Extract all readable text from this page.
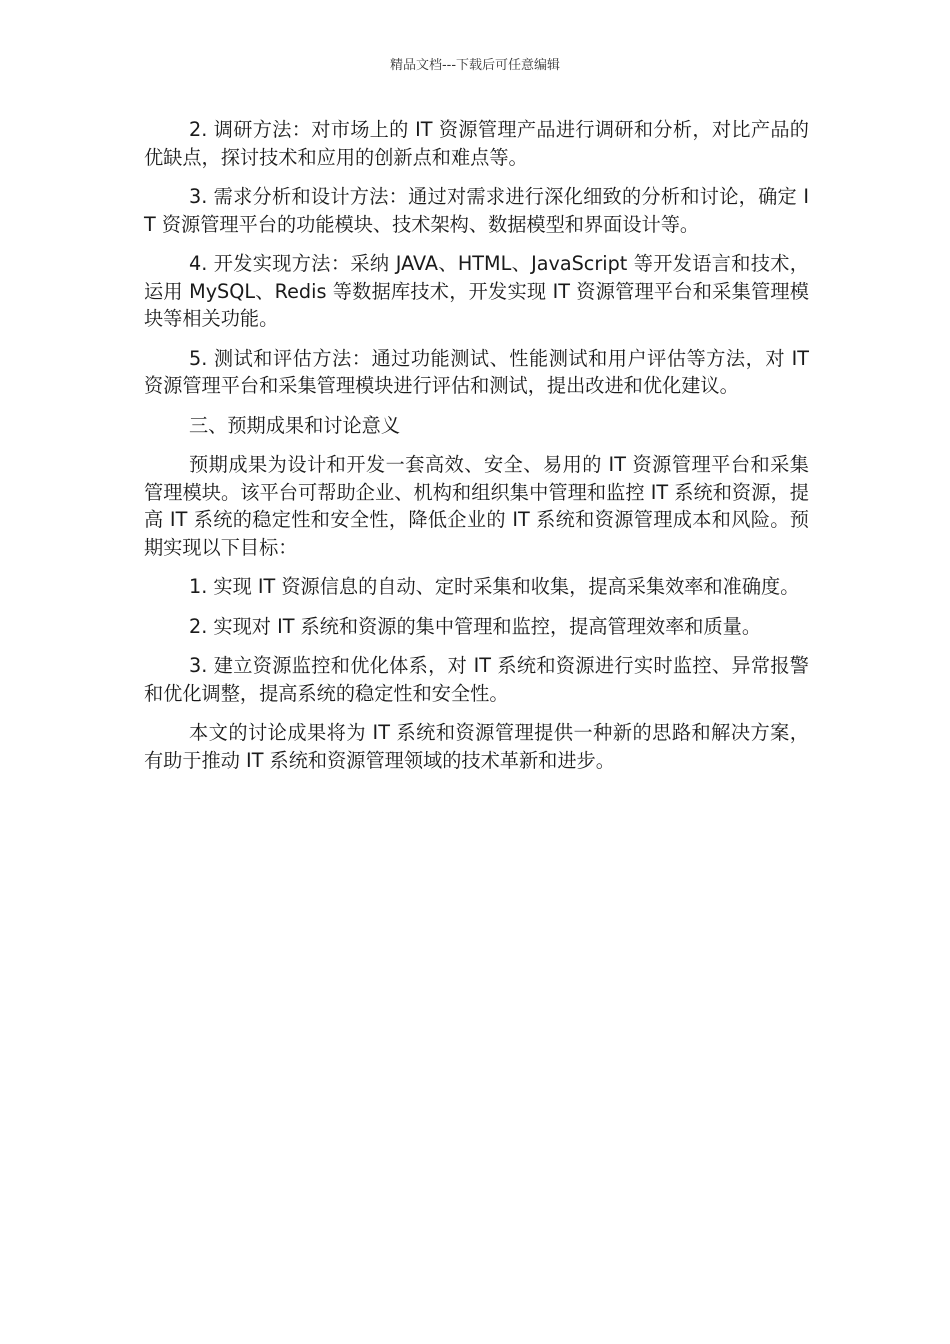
精品文档---下载后可任意编辑

2. 调研方法：对市场上的 IT 资源管理产品进行调研和分析，对比产品的优缺点，探讨技术和应用的创新点和难点等。

3. 需求分析和设计方法：通过对需求进行深化细致的分析和讨论，确定 IT 资源管理平台的功能模块、技术架构、数据模型和界面设计等。

4. 开发实现方法：采纳 JAVA、HTML、JavaScript 等开发语言和技术，运用 MySQL、Redis 等数据库技术，开发实现 IT 资源管理平台和采集管理模块等相关功能。

5. 测试和评估方法：通过功能测试、性能测试和用户评估等方法，对 IT 资源管理平台和采集管理模块进行评估和测试，提出改进和优化建议。

三、预期成果和讨论意义

预期成果为设计和开发一套高效、安全、易用的 IT 资源管理平台和采集管理模块。该平台可帮助企业、机构和组织集中管理和监控 IT 系统和资源，提高 IT 系统的稳定性和安全性，降低企业的 IT 系统和资源管理成本和风险。预期实现以下目标：

1. 实现 IT 资源信息的自动、定时采集和收集，提高采集效率和准确度。

2. 实现对 IT 系统和资源的集中管理和监控，提高管理效率和质量。

3. 建立资源监控和优化体系，对 IT 系统和资源进行实时监控、异常报警和优化调整，提高系统的稳定性和安全性。

本文的讨论成果将为 IT 系统和资源管理提供一种新的思路和解决方案，有助于推动 IT 系统和资源管理领域的技术革新和进步。
